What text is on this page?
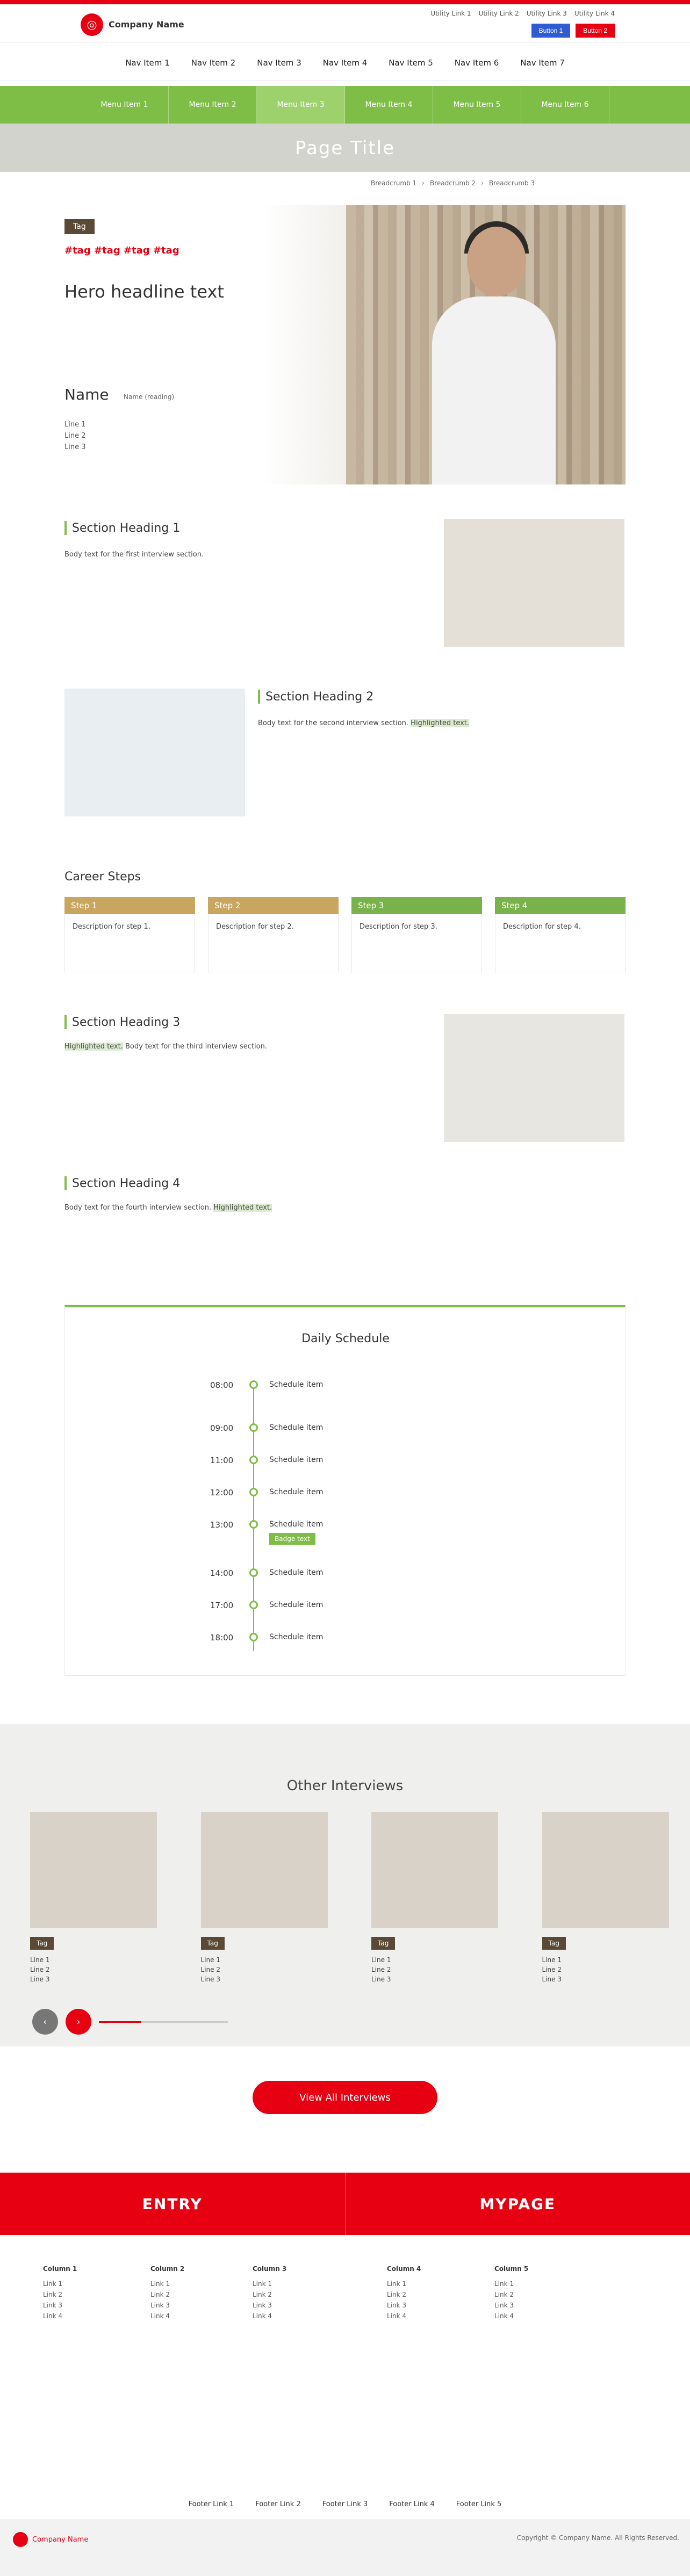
◎	Company Name
Utility Link 1 Utility Link 2 Utility Link 3 Utility Link 4
Button 1	Button 2
Nav Item 1	Nav Item 2	Nav Item 3	Nav Item 4	Nav Item 5	Nav Item 6	Nav Item 7
Menu Item 1	Menu Item 2	Menu Item 3	Menu Item 4	Menu Item 5	Menu Item 6
Page Title
Breadcrumb 1 › Breadcrumb 2 › Breadcrumb 3
Tag
#tag #tag #tag #tag
Hero headline text
Name Name (reading)
Line 1
Line 2
Line 3
Section Heading 1

Body text for the first interview section.

Section Heading 2

Body text for the second interview section. Highlighted text.

Career Steps
Step 1
Description for step 1.
Step 2
Description for step 2.
Step 3
Description for step 3.
Step 4
Description for step 4.
Section Heading 3

Highlighted text. Body text for the third interview section.

Section Heading 4

Body text for the fourth interview section. Highlighted text.

Daily Schedule
08:00	Schedule item
09:00	Schedule item
11:00	Schedule item
12:00	Schedule item
13:00	Schedule item
Badge text
14:00	Schedule item
17:00	Schedule item
18:00	Schedule item
Other Interviews
Tag
Line 1
Line 2
Line 3
Tag
Line 1
Line 2
Line 3
Tag
Line 1
Line 2
Line 3
Tag
Line 1
Line 2
Line 3
‹	›
View All Interviews
ENTRY	MYPAGE
Column 1
Link 1
Link 2
Link 3
Link 4
Column 2
Link 1
Link 2
Link 3
Link 4
Column 3
Link 1
Link 2
Link 3
Link 4
Column 4
Link 1
Link 2
Link 3
Link 4
Column 5
Link 1
Link 2
Link 3
Link 4
Footer Link 1	Footer Link 2	Footer Link 3	Footer Link 4	Footer Link 5
Company Name	Copyright © Company Name. All Rights Reserved.
